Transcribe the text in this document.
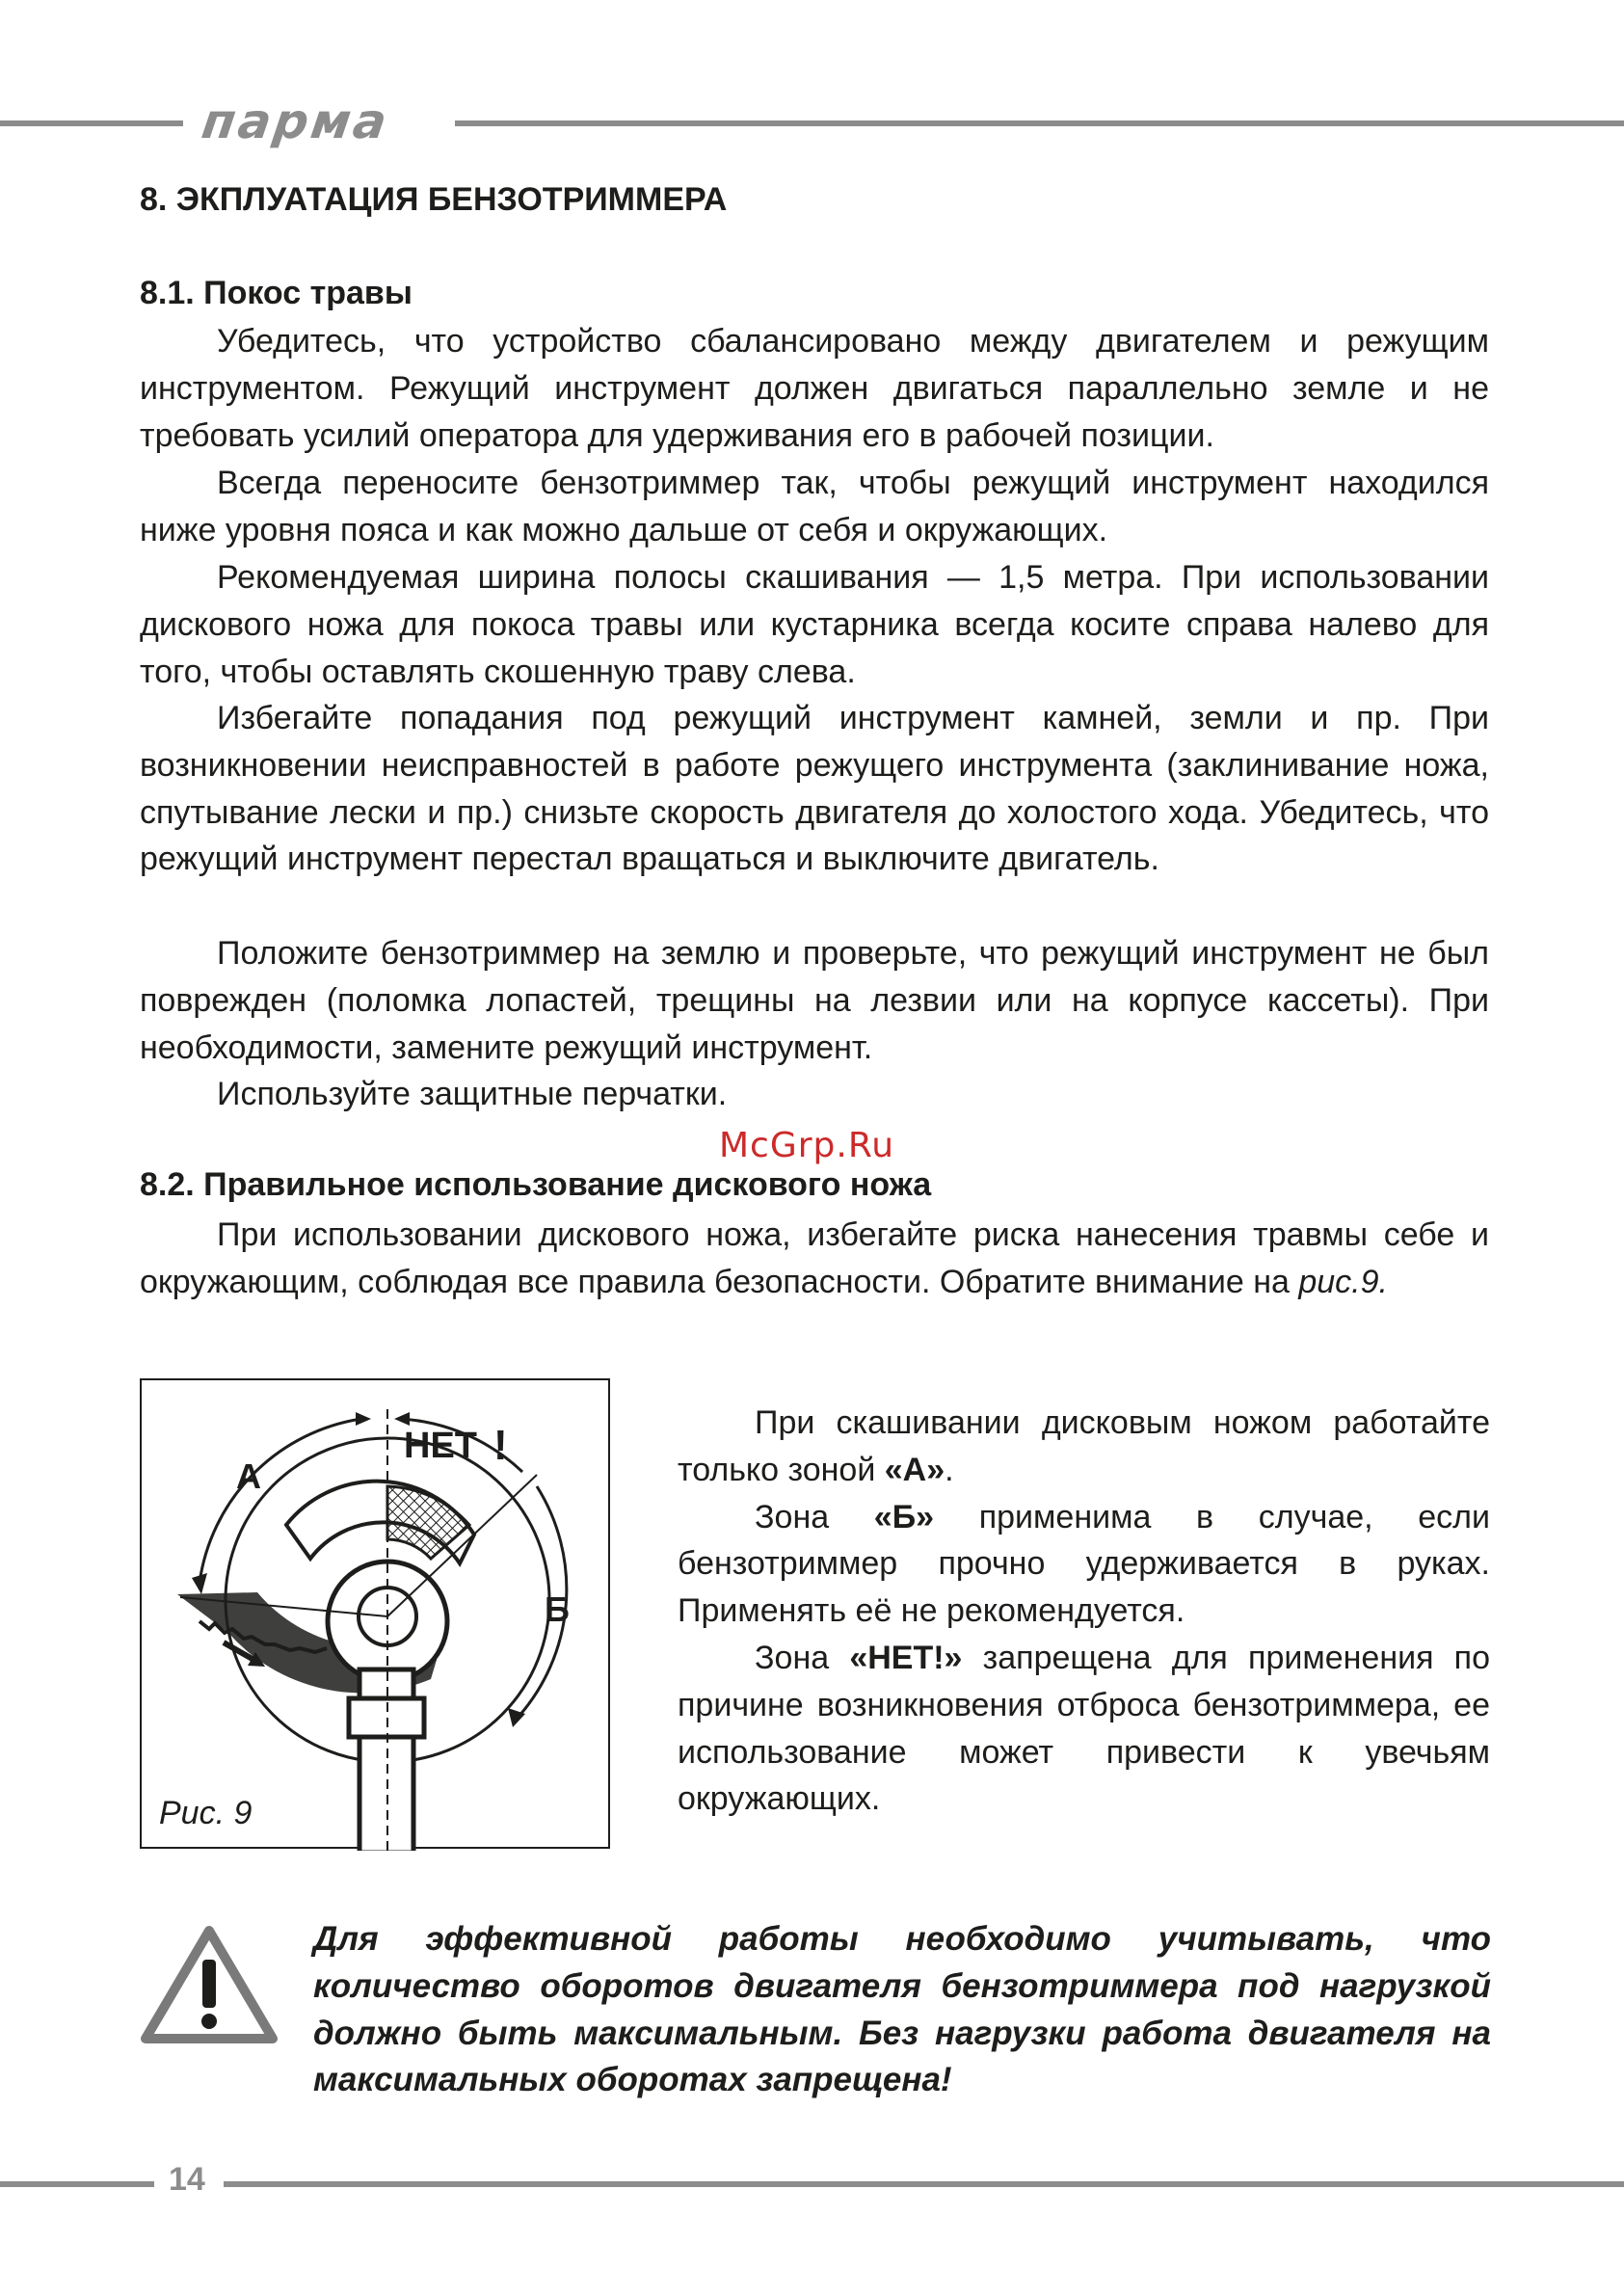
парма
8. ЭКПЛУАТАЦИЯ БЕНЗОТРИММЕРА
8.1. Покос травы

Убедитесь, что устройство сбалансировано между двигателем и режущим инструментом. Режущий инструмент должен двигаться параллельно земле и не требовать усилий оператора для удерживания его в рабочей позиции.

Всегда переносите бензотриммер так, чтобы режущий инструмент находился ниже уровня пояса и как можно дальше от себя и окружающих.

Рекомендуемая ширина полосы скашивания — 1,5 метра. При использовании дискового ножа для покоса травы или кустарника всегда косите справа налево для того, чтобы оставлять скошенную траву слева.

Избегайте попадания под режущий инструмент камней, земли и пр. При возникновении неисправностей в работе режущего инструмента (заклинивание ножа, спутывание лески и пр.) снизьте скорость двигателя до холостого хода. Убедитесь, что режущий инструмент перестал вращаться и выключите двигатель.

Положите бензотриммер на землю и проверьте, что режущий инструмент не был поврежден (поломка лопастей, трещины на лезвии или на корпусе кассеты). При необходимости, замените режущий инструмент.

Используйте защитные перчатки.

McGrp.Ru
8.2. Правильное использование дискового ножа

При использовании дискового ножа, избегайте риска нанесения травмы себе и окружающим, соблюдая все правила безопасности. Обратите внимание на рис.9.

А
Б
НЕТ !
Рис. 9

При скашивании дисковым ножом работайте только зоной «А».

Зона «Б» применима в случае, если бензотриммер прочно удерживается в руках. Применять её не рекомендуется.

Зона «НЕТ!» запрещена для применения по причине возникновения отброса бензотриммера, ее использование может привести к увечьям окружающих.

Для эффективной работы необходимо учитывать, что количество оборотов двигателя бензотриммера под нагрузкой должно быть максимальным. Без нагрузки работа двигателя на максимальных оборотах запрещена!

14
